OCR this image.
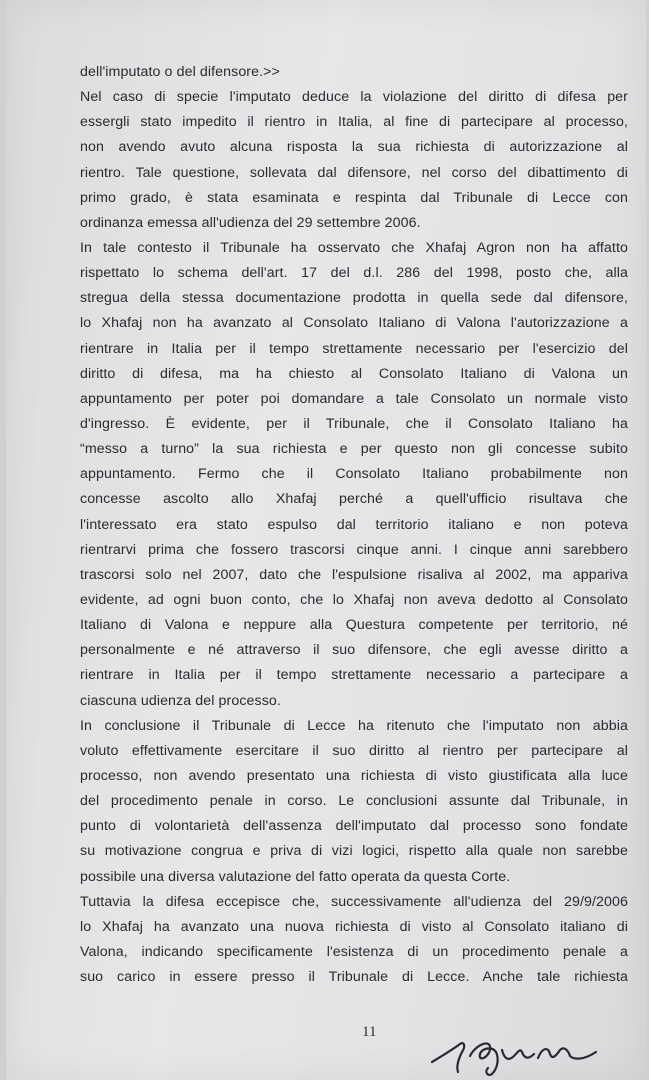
dell'imputato o del difensore.>>
Nel caso di specie l'imputato deduce la violazione del diritto di difesa per
essergli stato impedito il rientro in Italia, al fine di partecipare al processo,
non avendo avuto alcuna risposta la sua richiesta di autorizzazione al
rientro. Tale questione, sollevata dal difensore, nel corso del dibattimento di
primo grado, è stata esaminata e respinta dal Tribunale di Lecce con
ordinanza emessa all'udienza del 29 settembre 2006.
In tale contesto il Tribunale ha osservato che Xhafaj Agron non ha affatto
rispettato lo schema dell'art. 17 del d.l. 286 del 1998, posto che, alla
stregua della stessa documentazione prodotta in quella sede dal difensore,
lo Xhafaj non ha avanzato al Consolato Italiano di Valona l'autorizzazione a
rientrare in Italia per il tempo strettamente necessario per l'esercizio del
diritto di difesa, ma ha chiesto al Consolato Italiano di Valona un
appuntamento per poter poi domandare a tale Consolato un normale visto
d'ingresso. È evidente, per il Tribunale, che il Consolato Italiano ha
“messo a turno” la sua richiesta e per questo non gli concesse subito
appuntamento. Fermo che il Consolato Italiano probabilmente non
concesse ascolto allo Xhafaj perché a quell'ufficio risultava che
l'interessato era stato espulso dal territorio italiano e non poteva
rientrarvi prima che fossero trascorsi cinque anni. I cinque anni sarebbero
trascorsi solo nel 2007, dato che l'espulsione risaliva al 2002, ma appariva
evidente, ad ogni buon conto, che lo Xhafaj non aveva dedotto al Consolato
Italiano di Valona e neppure alla Questura competente per territorio, né
personalmente e né attraverso il suo difensore, che egli avesse diritto a
rientrare in Italia per il tempo strettamente necessario a partecipare a
ciascuna udienza del processo.
In conclusione il Tribunale di Lecce ha ritenuto che l'imputato non abbia
voluto effettivamente esercitare il suo diritto al rientro per partecipare al
processo, non avendo presentato una richiesta di visto giustificata alla luce
del procedimento penale in corso. Le conclusioni assunte dal Tribunale, in
punto di volontarietà dell'assenza dell'imputato dal processo sono fondate
su motivazione congrua e priva di vizi logici, rispetto alla quale non sarebbe
possibile una diversa valutazione del fatto operata da questa Corte.
Tuttavia la difesa eccepisce che, successivamente all'udienza del 29/9/2006
lo Xhafaj ha avanzato una nuova richiesta di visto al Consolato italiano di
Valona, indicando specificamente l'esistenza di un procedimento penale a
suo carico in essere presso il Tribunale di Lecce. Anche tale richiesta
11
